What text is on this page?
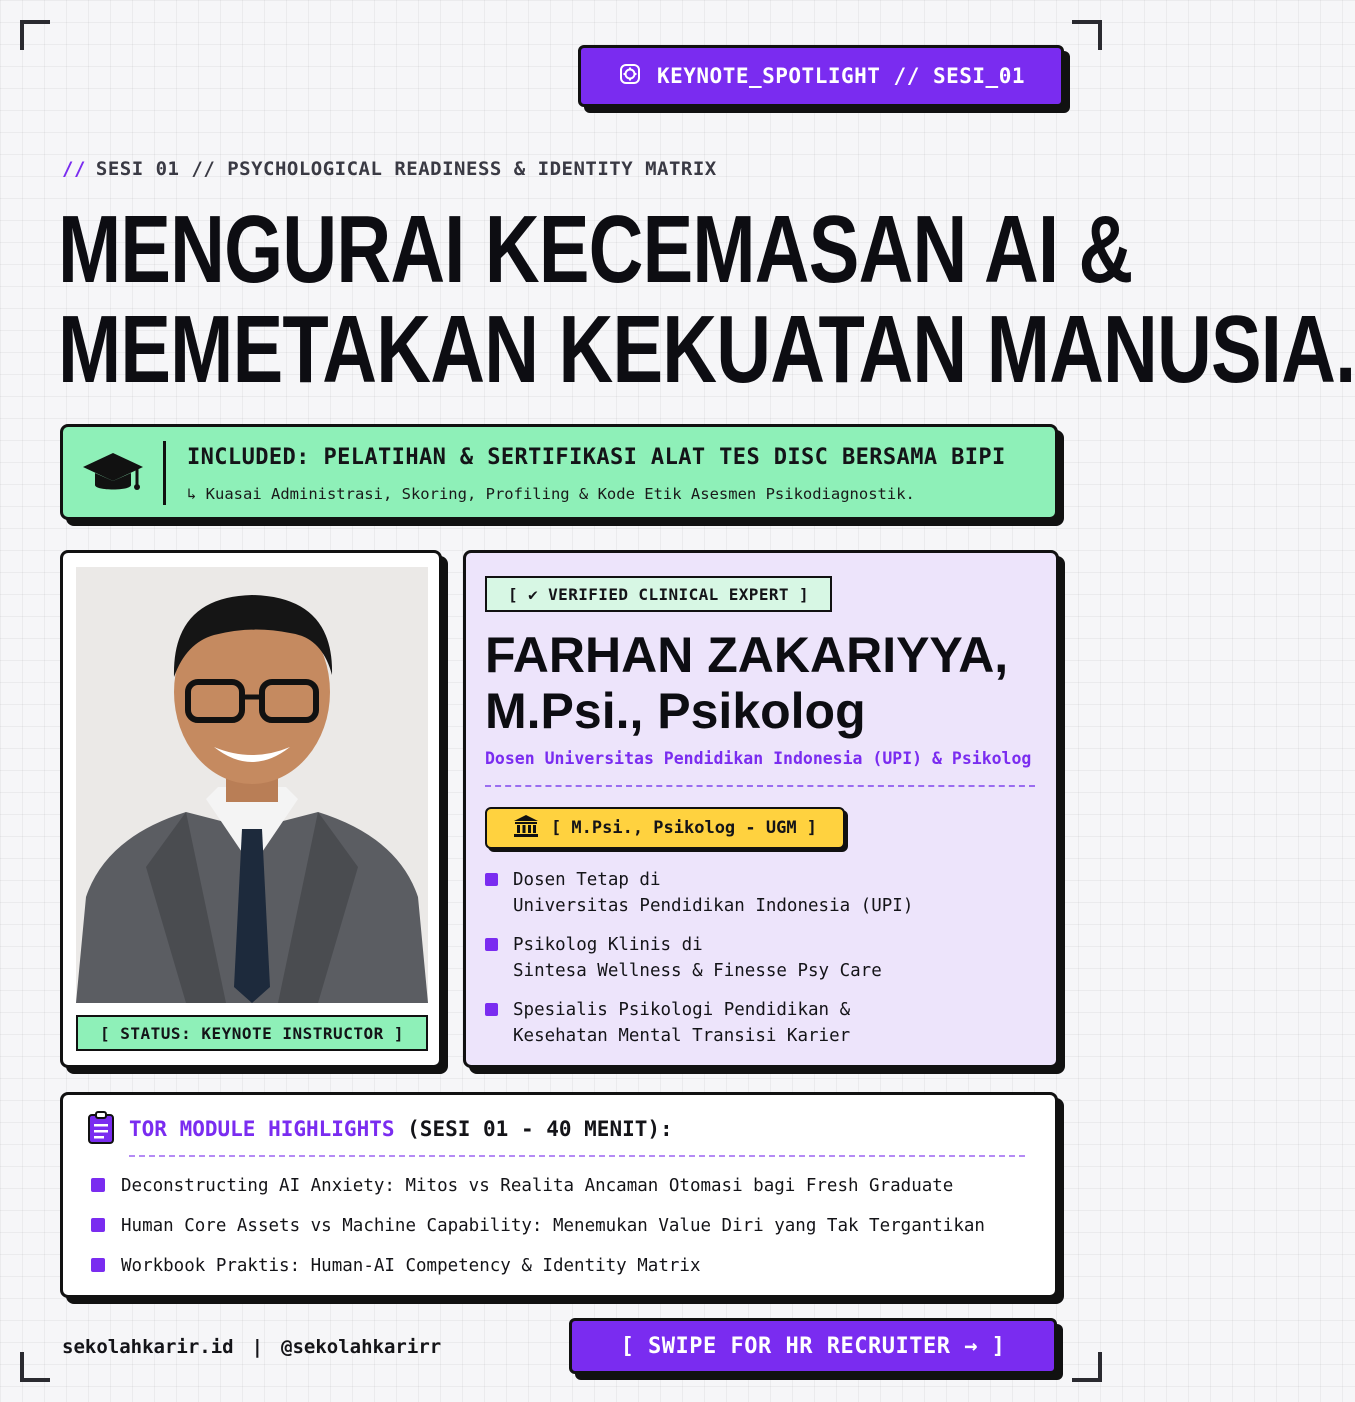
KEYNOTE_SPOTLIGHT // SESI_01
// SESI 01 // PSYCHOLOGICAL READINESS & IDENTITY MATRIX
MENGURAI KECEMASAN AI &
MEMETAKAN KEKUATAN MANUSIA.
INCLUDED: PELATIHAN & SERTIFIKASI ALAT TES DISC BERSAMA BIPI
↳ Kuasai Administrasi, Skoring, Profiling & Kode Etik Asesmen Psikodiagnostik.
[ STATUS: KEYNOTE INSTRUCTOR ]
[ ✔ VERIFIED CLINICAL EXPERT ]
FARHAN ZAKARIYYA,
M.Psi., Psikolog
Dosen Universitas Pendidikan Indonesia (UPI) & Psikolog
[ M.Psi., Psikolog - UGM ]
Dosen Tetap di
Universitas Pendidikan Indonesia (UPI)
Psikolog Klinis di
Sintesa Wellness & Finesse Psy Care
Spesialis Psikologi Pendidikan &
Kesehatan Mental Transisi Karier
TOR MODULE HIGHLIGHTS (SESI 01 - 40 MENIT):
Deconstructing AI Anxiety: Mitos vs Realita Ancaman Otomasi bagi Fresh Graduate
Human Core Assets vs Machine Capability: Menemukan Value Diri yang Tak Tergantikan
Workbook Praktis: Human-AI Competency & Identity Matrix
sekolahkarir.id | @sekolahkarirr	[ SWIPE FOR HR RECRUITER → ]
